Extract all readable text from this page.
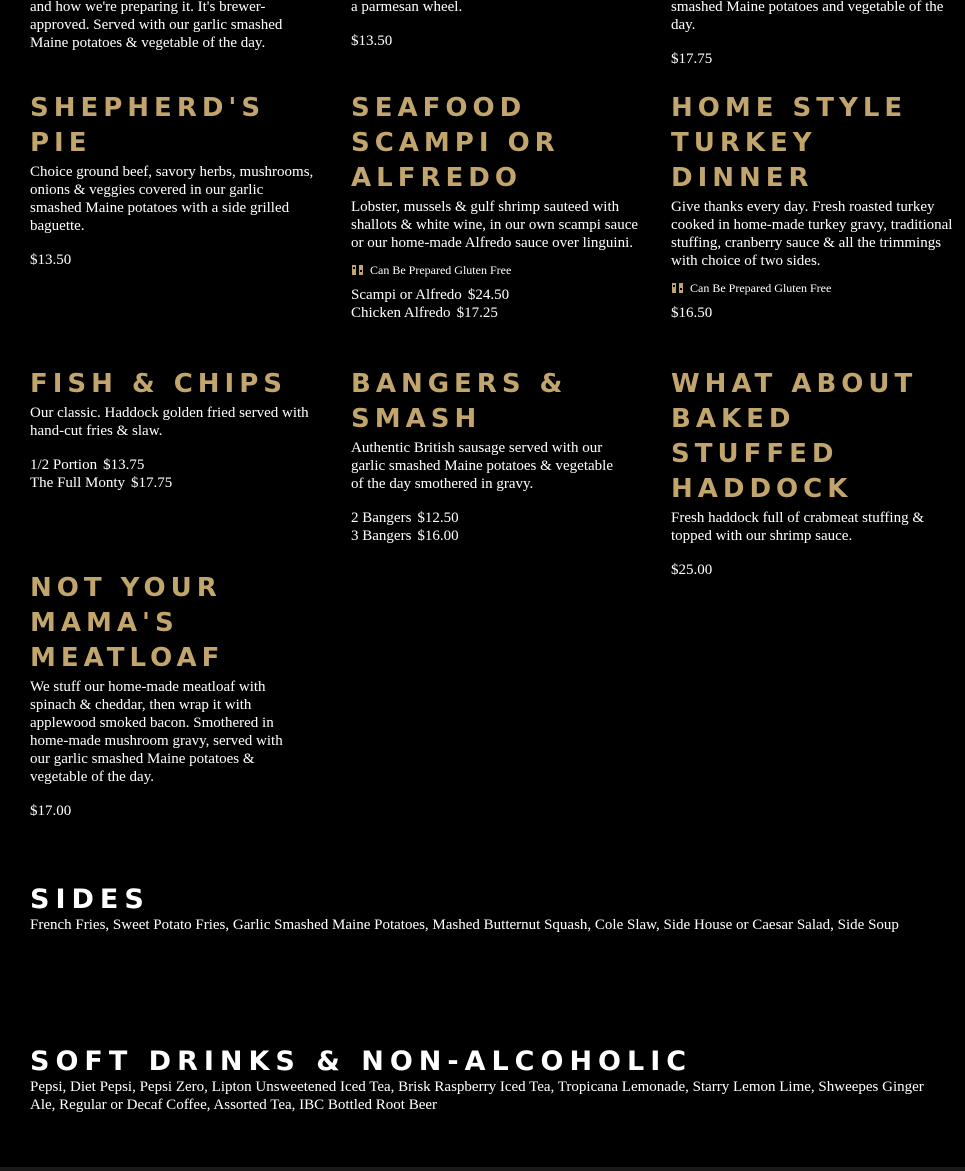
and how we're preparing it. It's brewer-approved. Served with our garlic smashed Maine potatoes & vegetable of the day.

a parmesan wheel.

$13.50

smashed Maine potatoes and vegetable of the day.

$17.75
SHEPHERD'S PIE

Choice ground beef, savory herbs, mushrooms, onions & veggies covered in our garlic smashed Maine potatoes with a side grilled baguette.

$13.50
SEAFOOD SCAMPI OR ALFREDO

Lobster, mussels & gulf shrimp sauteed with shallots & white wine, in our own scampi sauce or our home-made Alfredo sauce over linguini.

Can Be Prepared Gluten Free
Scampi or Alfredo $24.50
Chicken Alfredo $17.25
HOME STYLE TURKEY DINNER

Give thanks every day. Fresh roasted turkey cooked in home-made turkey gravy, traditional stuffing, cranberry sauce & all the trimmings with choice of two sides.

Can Be Prepared Gluten Free
$16.50
FISH & CHIPS

Our classic. Haddock golden fried served with hand-cut fries & slaw.

1/2 Portion $13.75
The Full Monty $17.75
BANGERS & SMASH

Authentic British sausage served with our garlic smashed Maine potatoes & vegetable of the day smothered in gravy.

2 Bangers $12.50
3 Bangers $16.00
WHAT ABOUT BAKED STUFFED HADDOCK

Fresh haddock full of crabmeat stuffing & topped with our shrimp sauce.

$25.00
NOT YOUR MAMA'S MEATLOAF

We stuff our home-made meatloaf with spinach & cheddar, then wrap it with applewood smoked bacon. Smothered in home-made mushroom gravy, served with our garlic smashed Maine potatoes & vegetable of the day.

$17.00
SIDES

French Fries, Sweet Potato Fries, Garlic Smashed Maine Potatoes, Mashed Butternut Squash, Cole Slaw, Side House or Caesar Salad, Side Soup

SOFT DRINKS & NON-ALCOHOLIC

Pepsi, Diet Pepsi, Pepsi Zero, Lipton Unsweetened Iced Tea, Brisk Raspberry Iced Tea, Tropicana Lemonade, Starry Lemon Lime, Shweepes Ginger Ale, Regular or Decaf Coffee, Assorted Tea, IBC Bottled Root Beer
